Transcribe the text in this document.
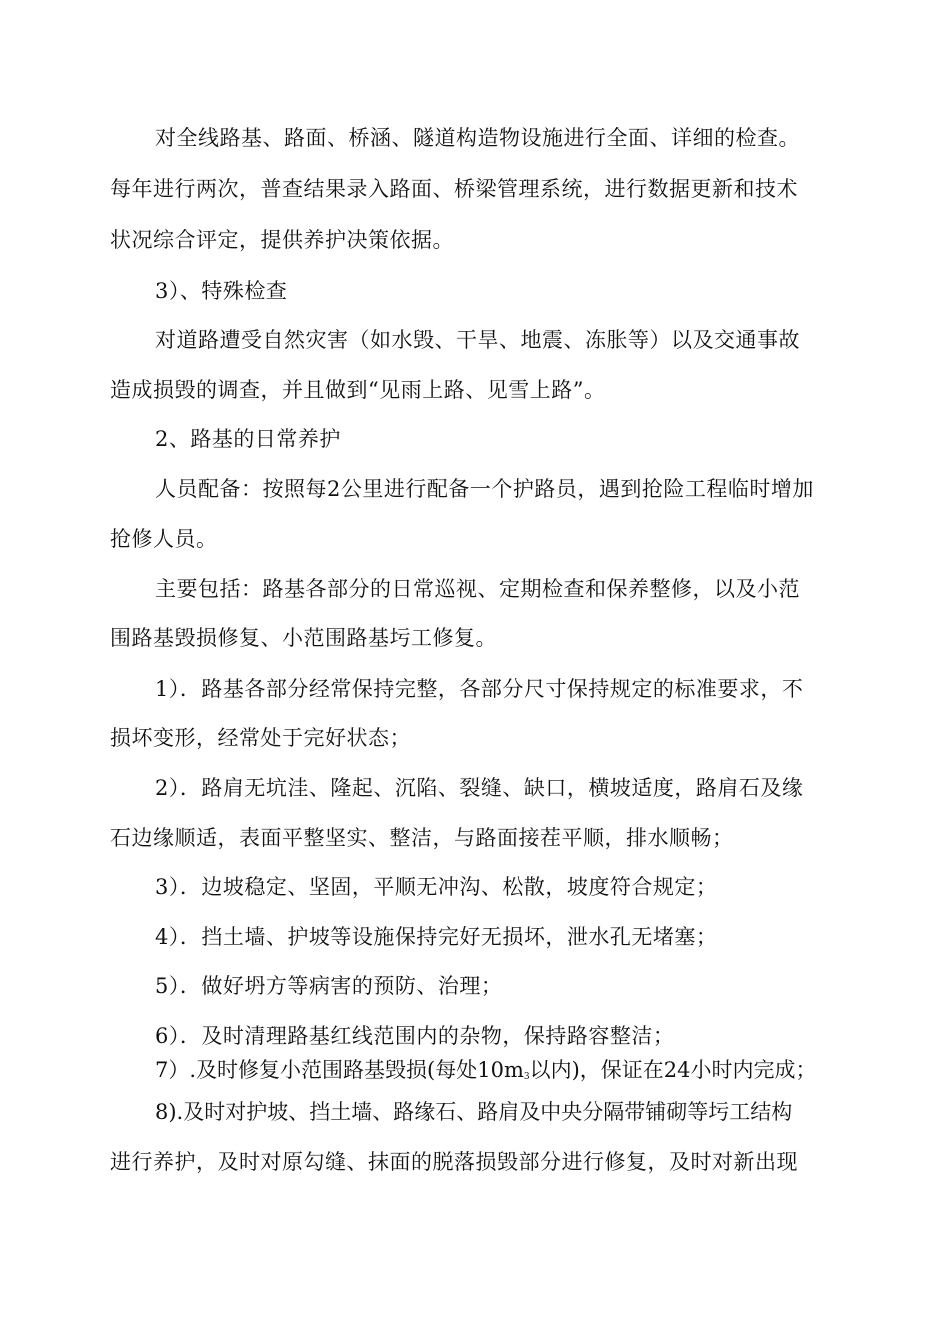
对全线路基、路面、桥涵、隧道构造物设施进行全面、详细的检查。
每年进行两次，普查结果录入路面、桥梁管理系统，进行数据更新和技术
状况综合评定，提供养护决策依据。
3）、特殊检查
对道路遭受自然灾害（如水毁、干旱、地震、冻胀等）以及交通事故
造成损毁的调查，并且做到“见雨上路、见雪上路”。
2、路基的日常养护
人员配备：按照每2公里进行配备一个护路员，遇到抢险工程临时增加
抢修人员。
主要包括：路基各部分的日常巡视、定期检查和保养整修，以及小范
围路基毁损修复、小范围路基圬工修复。
1）．路基各部分经常保持完整，各部分尺寸保持规定的标准要求，不
损坏变形，经常处于完好状态；
2）．路肩无坑洼、隆起、沉陷、裂缝、缺口，横坡适度，路肩石及缘
石边缘顺适，表面平整坚实、整洁，与路面接茬平顺，排水顺畅；
3）．边坡稳定、坚固，平顺无冲沟、松散，坡度符合规定；
4）．挡土墙、护坡等设施保持完好无损坏，泄水孔无堵塞；
5）．做好坍方等病害的预防、治理；
6）．及时清理路基红线范围内的杂物，保持路容整洁；
7）.及时修复小范围路基毁损(每处$10m_3$以内)，保证在24小时内完成；
8).及时对护坡、挡土墙、路缘石、路肩及中央分隔带铺砌等圬工结构
进行养护，及时对原勾缝、抹面的脱落损毁部分进行修复，及时对新出现
